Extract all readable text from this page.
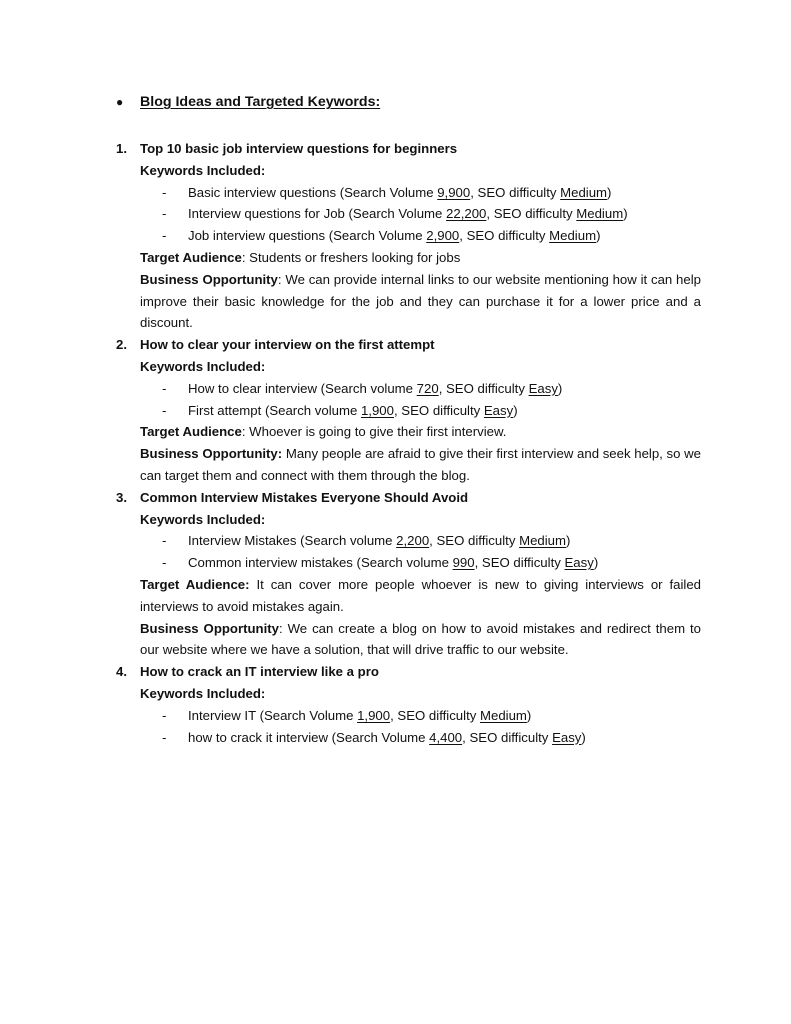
●	Blog Ideas and Targeted Keywords:
1. Top 10 basic job interview questions for beginners
Keywords Included:
-	Basic interview questions (Search Volume 9,900, SEO difficulty Medium)
-	Interview questions for Job (Search Volume 22,200, SEO difficulty Medium)
-	Job interview questions (Search Volume 2,900, SEO difficulty Medium)
Target Audience: Students or freshers looking for jobs
Business Opportunity: We can provide internal links to our website mentioning how it can help improve their basic knowledge for the job and they can purchase it for a lower price and a discount.
2. How to clear your interview on the first attempt
Keywords Included:
-	How to clear interview (Search volume 720, SEO difficulty Easy)
-	First attempt (Search volume 1,900, SEO difficulty Easy)
Target Audience: Whoever is going to give their first interview.
Business Opportunity: Many people are afraid to give their first interview and seek help, so we can target them and connect with them through the blog.
3. Common Interview Mistakes Everyone Should Avoid
Keywords Included:
-	Interview Mistakes (Search volume 2,200, SEO difficulty Medium)
-	Common interview mistakes (Search volume 990, SEO difficulty Easy)
Target Audience: It can cover more people whoever is new to giving interviews or failed interviews to avoid mistakes again.
Business Opportunity: We can create a blog on how to avoid mistakes and redirect them to our website where we have a solution, that will drive traffic to our website.
4. How to crack an IT interview like a pro
Keywords Included:
-	Interview IT (Search Volume 1,900, SEO difficulty Medium)
-	how to crack it interview (Search Volume 4,400, SEO difficulty Easy)
